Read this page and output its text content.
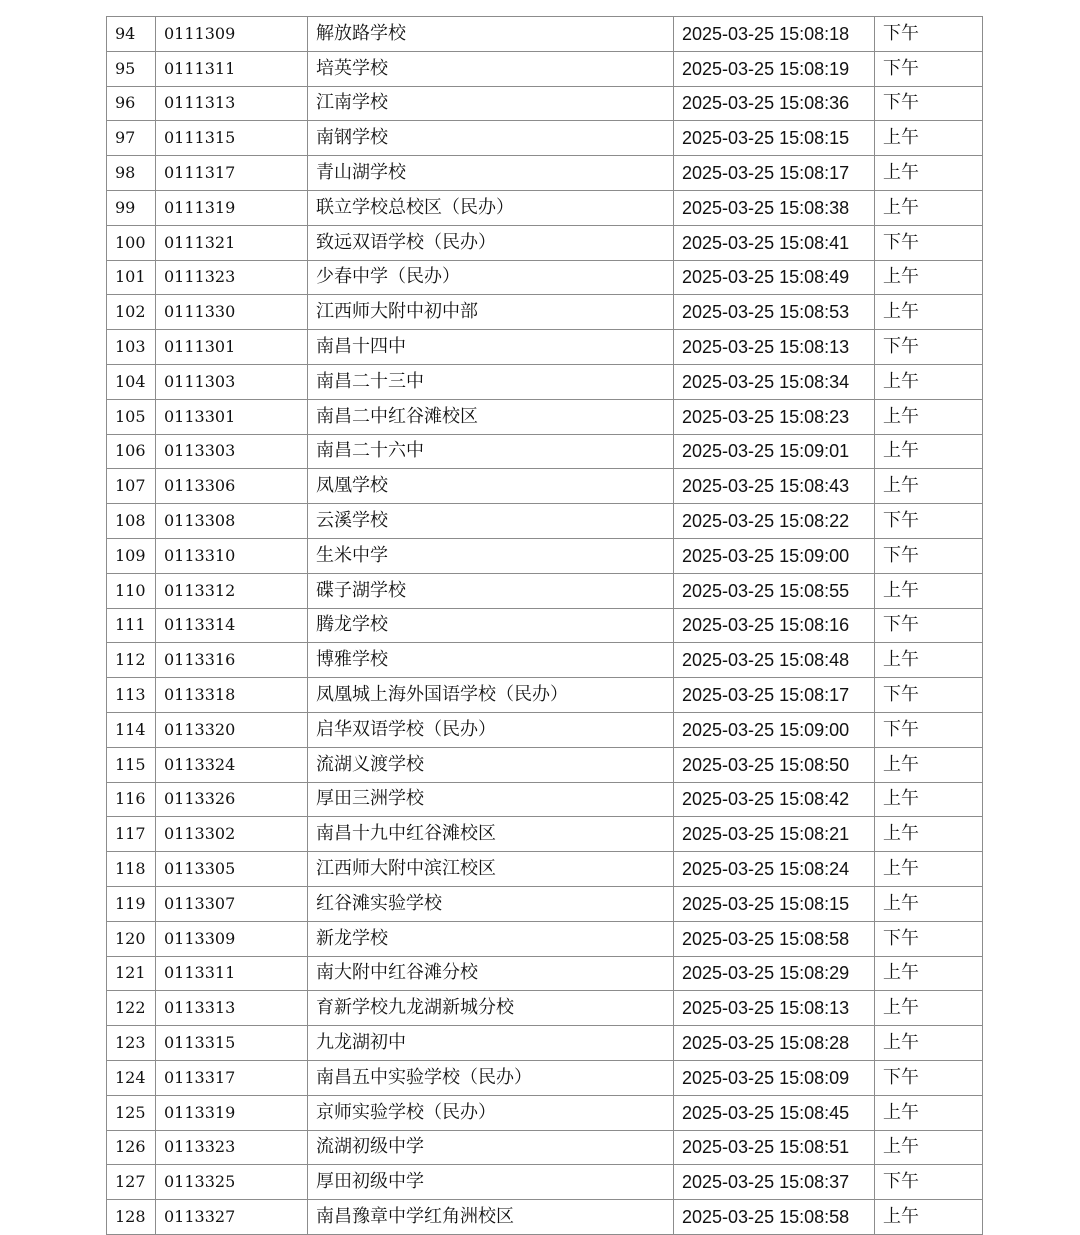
94	0111309	解放路学校	2025-03-25 15:08:18	下午
95	0111311	培英学校	2025-03-25 15:08:19	下午
96	0111313	江南学校	2025-03-25 15:08:36	下午
97	0111315	南钢学校	2025-03-25 15:08:15	上午
98	0111317	青山湖学校	2025-03-25 15:08:17	上午
99	0111319	联立学校总校区（民办）	2025-03-25 15:08:38	上午
100	0111321	致远双语学校（民办）	2025-03-25 15:08:41	下午
101	0111323	少春中学（民办）	2025-03-25 15:08:49	上午
102	0111330	江西师大附中初中部	2025-03-25 15:08:53	上午
103	0111301	南昌十四中	2025-03-25 15:08:13	下午
104	0111303	南昌二十三中	2025-03-25 15:08:34	上午
105	0113301	南昌二中红谷滩校区	2025-03-25 15:08:23	上午
106	0113303	南昌二十六中	2025-03-25 15:09:01	上午
107	0113306	凤凰学校	2025-03-25 15:08:43	上午
108	0113308	云溪学校	2025-03-25 15:08:22	下午
109	0113310	生米中学	2025-03-25 15:09:00	下午
110	0113312	碟子湖学校	2025-03-25 15:08:55	上午
111	0113314	腾龙学校	2025-03-25 15:08:16	下午
112	0113316	博雅学校	2025-03-25 15:08:48	上午
113	0113318	凤凰城上海外国语学校（民办）	2025-03-25 15:08:17	下午
114	0113320	启华双语学校（民办）	2025-03-25 15:09:00	下午
115	0113324	流湖义渡学校	2025-03-25 15:08:50	上午
116	0113326	厚田三洲学校	2025-03-25 15:08:42	上午
117	0113302	南昌十九中红谷滩校区	2025-03-25 15:08:21	上午
118	0113305	江西师大附中滨江校区	2025-03-25 15:08:24	上午
119	0113307	红谷滩实验学校	2025-03-25 15:08:15	上午
120	0113309	新龙学校	2025-03-25 15:08:58	下午
121	0113311	南大附中红谷滩分校	2025-03-25 15:08:29	上午
122	0113313	育新学校九龙湖新城分校	2025-03-25 15:08:13	上午
123	0113315	九龙湖初中	2025-03-25 15:08:28	上午
124	0113317	南昌五中实验学校（民办）	2025-03-25 15:08:09	下午
125	0113319	京师实验学校（民办）	2025-03-25 15:08:45	上午
126	0113323	流湖初级中学	2025-03-25 15:08:51	上午
127	0113325	厚田初级中学	2025-03-25 15:08:37	下午
128	0113327	南昌豫章中学红角洲校区	2025-03-25 15:08:58	上午
